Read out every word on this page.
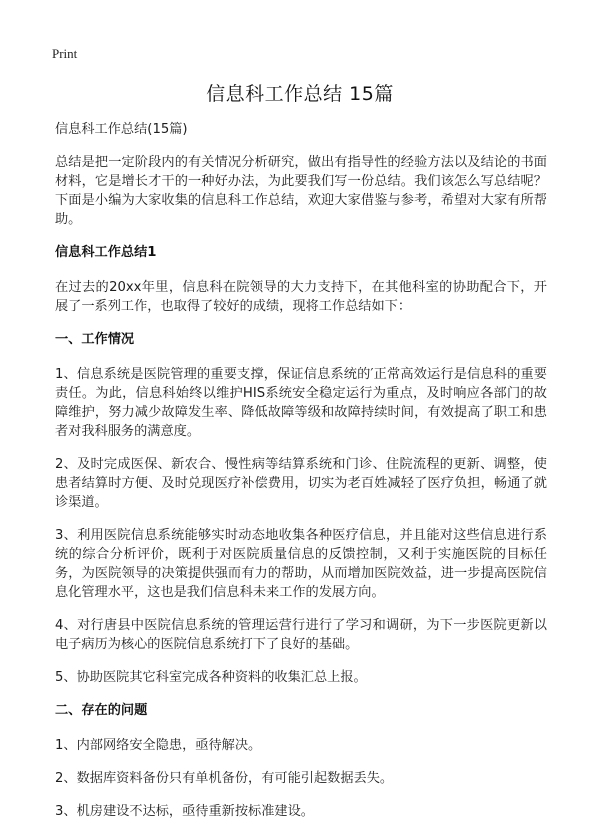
Print
信息科工作总结 15篇

信息科工作总结(15篇)

总结是把一定阶段内的有关情况分析研究，做出有指导性的经验方法以及结论的书面材料，它是增长才干的一种好办法，为此要我们写一份总结。我们该怎么写总结呢？下面是小编为大家收集的信息科工作总结，欢迎大家借鉴与参考，希望对大家有所帮助。

信息科工作总结1

在过去的20xx年里，信息科在院领导的大力支持下，在其他科室的协助配合下，开展了一系列工作，也取得了较好的成绩，现将工作总结如下：

一、工作情况

1、信息系统是医院管理的重要支撑，保证信息系统的′正常高效运行是信息科的重要责任。为此，信息科始终以维护HIS系统安全稳定运行为重点，及时响应各部门的故障维护，努力减少故障发生率、降低故障等级和故障持续时间，有效提高了职工和患者对我科服务的满意度。

2、及时完成医保、新农合、慢性病等结算系统和门诊、住院流程的更新、调整，使患者结算时方便、及时兑现医疗补偿费用，切实为老百姓减轻了医疗负担，畅通了就诊渠道。

3、利用医院信息系统能够实时动态地收集各种医疗信息，并且能对这些信息进行系统的综合分析评价，既利于对医院质量信息的反馈控制，又利于实施医院的目标任务，为医院领导的决策提供强而有力的帮助，从而增加医院效益，进一步提高医院信息化管理水平，这也是我们信息科未来工作的发展方向。

4、对行唐县中医院信息系统的管理运营行进行了学习和调研，为下一步医院更新以电子病历为核心的医院信息系统打下了良好的基础。

5、协助医院其它科室完成各种资料的收集汇总上报。

二、存在的问题

1、内部网络安全隐患，亟待解决。

2、数据库资料备份只有单机备份，有可能引起数据丢失。

3、机房建设不达标，亟待重新按标准建设。
